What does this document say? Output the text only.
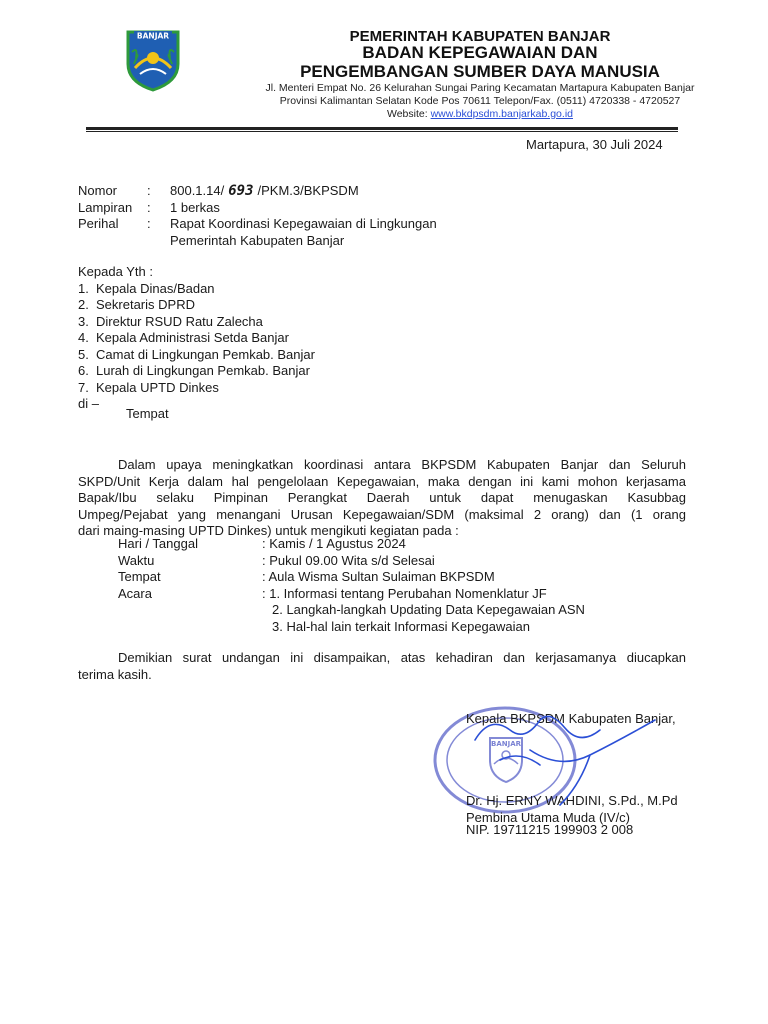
BANJAR	PEMERINTAH KABUPATEN BANJAR
BADAN KEPEGAWAIAN DAN
PENGEMBANGAN SUMBER DAYA MANUSIA
Jl. Menteri Empat No. 26 Kelurahan Sungai Paring Kecamatan Martapura Kabupaten Banjar
Provinsi Kalimantan Selatan Kode Pos 70611 Telepon/Fax. (0511) 4720338 - 4720527
Website: www.bkdpsdm.banjarkab.go.id
Martapura, 30 Juli 2024
Nomor : 800.1.14/ 693 /PKM.3/BKPSDM
Lampiran : 1 berkas
Perihal : Rapat Koordinasi Kepegawaian di Lingkungan
Pemerintah Kabupaten Banjar
Kepada Yth :
1. Kepala Dinas/Badan
2. Sekretaris DPRD
3. Direktur RSUD Ratu Zalecha
4. Kepala Administrasi Setda Banjar
5. Camat di Lingkungan Pemkab. Banjar
6. Lurah di Lingkungan Pemkab. Banjar
7. Kepala UPTD Dinkes
di –
Tempat
Dalam upaya meningkatkan koordinasi antara BKPSDM Kabupaten Banjar dan Seluruh
SKPD/Unit Kerja dalam hal pengelolaan Kepegawaian, maka dengan ini kami mohon kerjasama
Bapak/Ibu selaku Pimpinan Perangkat Daerah untuk dapat menugaskan Kasubbag
Umpeg/Pejabat yang menangani Urusan Kepegawaian/SDM (maksimal 2 orang) dan (1 orang
dari maing-masing UPTD Dinkes) untuk mengikuti kegiatan pada :
Hari / Tanggal	: Kamis / 1 Agustus 2024
Waktu	: Pukul 09.00 Wita s/d Selesai
Tempat	: Aula Wisma Sultan Sulaiman BKPSDM
Acara	: 1. Informasi tentang Perubahan Nomenklatur JF
2. Langkah-langkah Updating Data Kepegawaian ASN
3. Hal-hal lain terkait Informasi Kepegawaian
Demikian surat undangan ini disampaikan, atas kehadiran dan kerjasamanya diucapkan
terima kasih.
BANJAR
Kepala BKPSDM Kabupaten Banjar,
Dr. Hj. ERNY WAHDINI, S.Pd., M.Pd
Pembina Utama Muda (IV/c)
NIP. 19711215 199903 2 008
